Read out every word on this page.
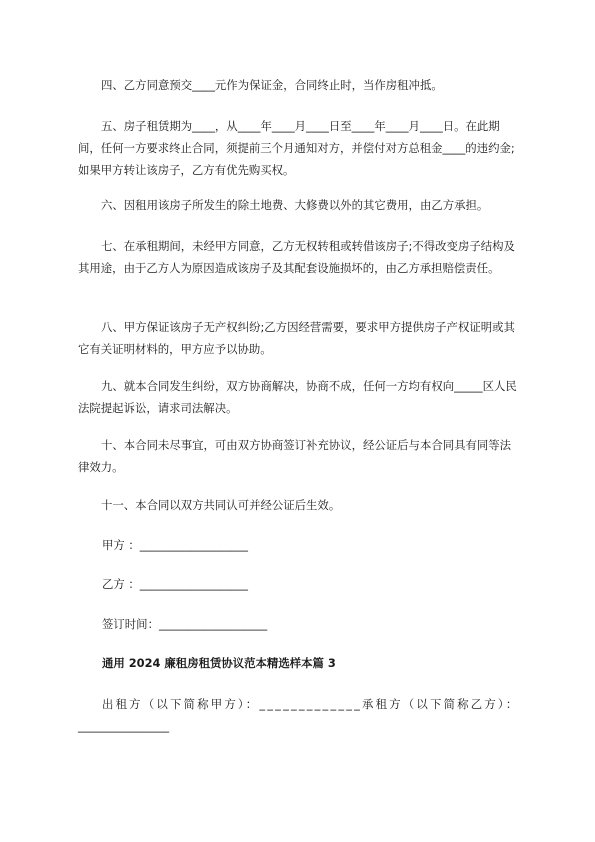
四、乙方同意预交____元作为保证金，合同终止时，当作房租冲抵。

五、房子租赁期为____，从____年____月____日至____年____月____日。在此期间，任何一方要求终止合同，须提前三个月通知对方，并偿付对方总租金____的违约金;如果甲方转让该房子，乙方有优先购买权。

六、因租用该房子所发生的除土地费、大修费以外的其它费用，由乙方承担。

七、在承租期间，未经甲方同意，乙方无权转租或转借该房子;不得改变房子结构及其用途，由于乙方人为原因造成该房子及其配套设施损坏的，由乙方承担赔偿责任。

八、甲方保证该房子无产权纠纷;乙方因经营需要，要求甲方提供房子产权证明或其它有关证明材料的，甲方应予以协助。

九、就本合同发生纠纷，双方协商解决，协商不成，任何一方均有权向_____区人民法院提起诉讼，请求司法解决。

十、本合同未尽事宜，可由双方协商签订补充协议，经公证后与本合同具有同等法律效力。

十一、本合同以双方共同认可并经公证后生效。

甲方 ：___________________
乙方 ：___________________
签订时间：___________________
通用 2024 廉租房租赁协议范本精选样本篇 3
出租方（以下简称甲方）：_____________承租方（以下简称乙方）：
________________
